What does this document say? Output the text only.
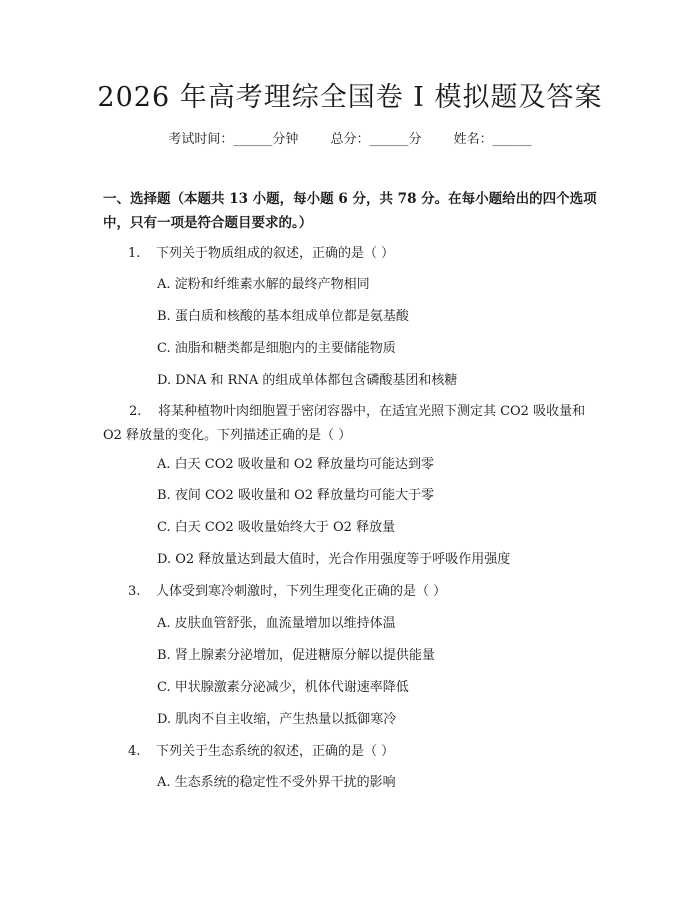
2026 年高考理综全国卷 I 模拟题及答案
考试时间：______分钟 总分：______分 姓名：______
一、选择题（本题共 13 小题，每小题 6 分，共 78 分。在每小题给出的四个选项中，只有一项是符合题目要求的。）
1. 下列关于物质组成的叙述，正确的是（ ）
A. 淀粉和纤维素水解的最终产物相同
B. 蛋白质和核酸的基本组成单位都是氨基酸
C. 油脂和糖类都是细胞内的主要储能物质
D. DNA 和 RNA 的组成单体都包含磷酸基团和核糖
2. 将某种植物叶肉细胞置于密闭容器中，在适宜光照下测定其 CO2 吸收量和 O2 释放量的变化。下列描述正确的是（ ）
A. 白天 CO2 吸收量和 O2 释放量均可能达到零
B. 夜间 CO2 吸收量和 O2 释放量均可能大于零
C. 白天 CO2 吸收量始终大于 O2 释放量
D. O2 释放量达到最大值时，光合作用强度等于呼吸作用强度
3. 人体受到寒冷刺激时，下列生理变化正确的是（ ）
A. 皮肤血管舒张，血流量增加以维持体温
B. 肾上腺素分泌增加，促进糖原分解以提供能量
C. 甲状腺激素分泌减少，机体代谢速率降低
D. 肌肉不自主收缩，产生热量以抵御寒冷
4. 下列关于生态系统的叙述，正确的是（ ）
A. 生态系统的稳定性不受外界干扰的影响
